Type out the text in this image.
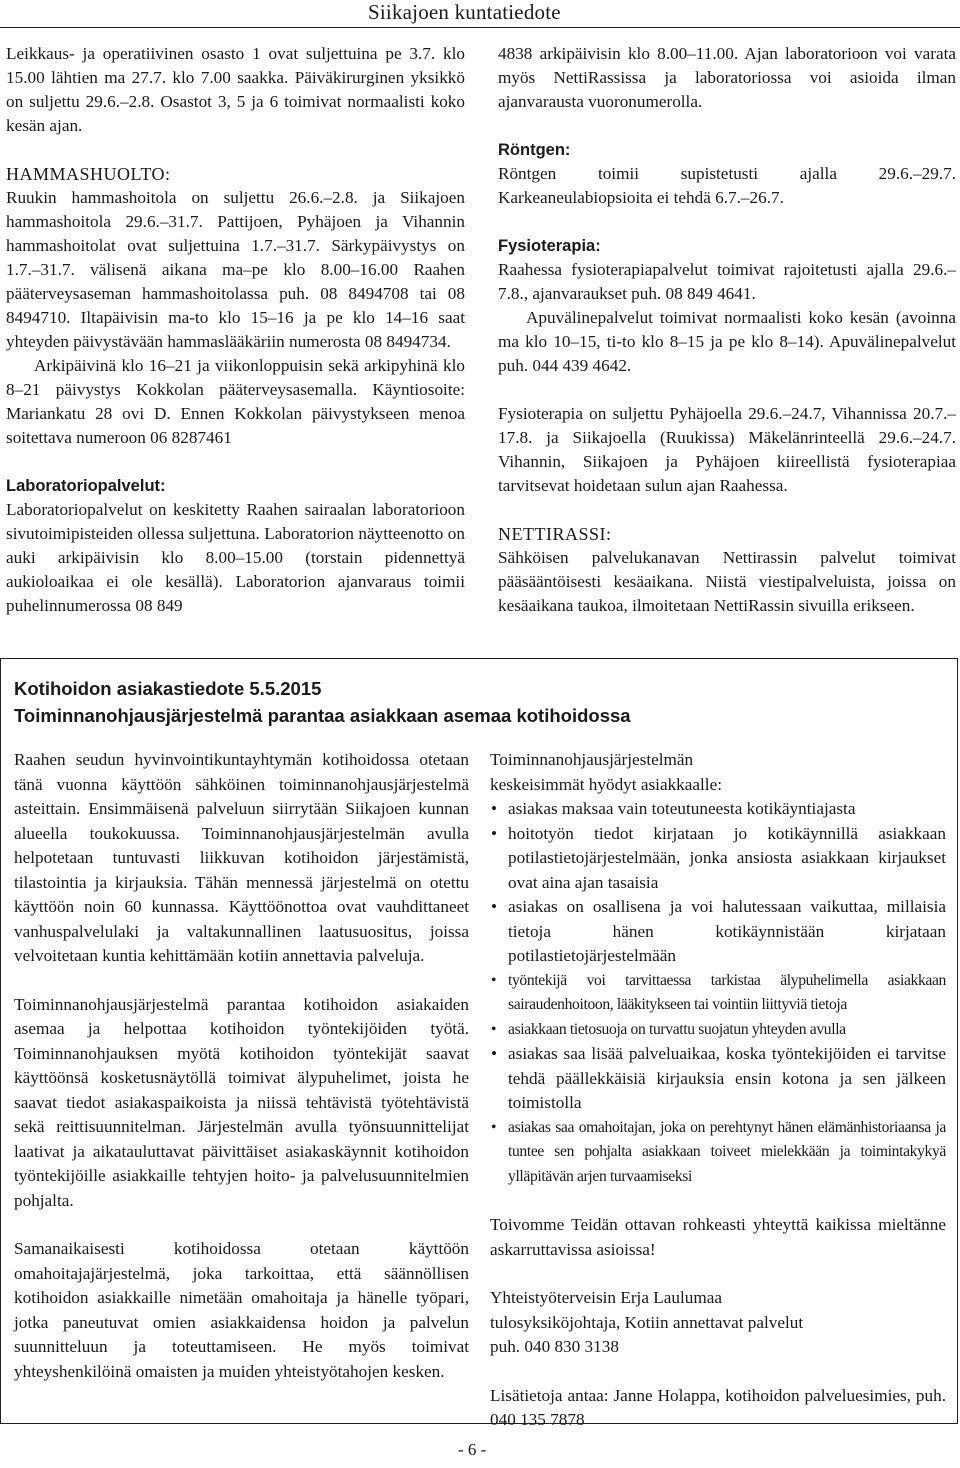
Siikajoen kuntatiedote

Leikkaus- ja operatiivinen osasto 1 ovat suljettuina pe 3.7. klo 15.00 lähtien ma 27.7. klo 7.00 saakka. Päiväkirurginen yksikkö on suljettu 29.6.–2.8. Osastot 3, 5 ja 6 toimivat normaalisti koko kesän ajan.

HAMMASHUOLTO:

Ruukin hammashoitola on suljettu 26.6.–2.8. ja Siikajoen hammashoitola 29.6.–31.7. Pattijoen, Pyhäjoen ja Vihannin hammashoitolat ovat suljettuina 1.7.–31.7. Särkypäivystys on 1.7.–31.7. välisenä aikana ma–pe klo 8.00–16.00 Raahen pääterveysaseman hammashoitolassa puh. 08 8494708 tai 08 8494710. Iltapäivisin ma-to klo 15–16 ja pe klo 14–16 saat yhteyden päivystävään hammaslääkäriin numerosta 08 8494734.

Arkipäivinä klo 16–21 ja viikonloppuisin sekä arkipyhinä klo 8–21 päivystys Kokkolan pääterveysasemalla. Käyntiosoite: Mariankatu 28 ovi D. Ennen Kokkolan päivystykseen menoa soitettava numeroon 06 8287461

Laboratoriopalvelut:

Laboratoriopalvelut on keskitetty Raahen sairaalan laboratorioon sivutoimipisteiden ollessa suljettuna. Laboratorion näytteenotto on auki arkipäivisin klo 8.00–15.00 (torstain pidennettyä aukioloaikaa ei ole kesällä). Laboratorion ajanvaraus toimii puhelinnumerossa 08 849

4838 arkipäivisin klo 8.00–11.00. Ajan laboratorioon voi varata myös NettiRassissa ja laboratoriossa voi asioida ilman ajanvarausta vuoronumerolla.

Röntgen:

Röntgen toimii supistetusti ajalla 29.6.–29.7. Karkeaneulabiopsioita ei tehdä 6.7.–26.7.

Fysioterapia:

Raahessa fysioterapiapalvelut toimivat rajoitetusti ajalla 29.6.–7.8., ajanvaraukset puh. 08 849 4641.

Apuvälinepalvelut toimivat normaalisti koko kesän (avoinna ma klo 10–15, ti-to klo 8–15 ja pe klo 8–14). Apuvälinepalvelut puh. 044 439 4642.

Fysioterapia on suljettu Pyhäjoella 29.6.–24.7, Vihannissa 20.7.–17.8. ja Siikajoella (Ruukissa) Mäkelänrinteellä 29.6.–24.7. Vihannin, Siikajoen ja Pyhäjoen kiireellistä fysioterapiaa tarvitsevat hoidetaan sulun ajan Raahessa.

NETTIRASSI:

Sähköisen palvelukanavan Nettirassin palvelut toimivat pääsääntöisesti kesäaikana. Niistä viestipalveluista, joissa on kesäaikana taukoa, ilmoitetaan NettiRassin sivuilla erikseen.

Kotihoidon asiakastiedote 5.5.2015
Toiminnanohjausjärjestelmä parantaa asiakkaan asemaa kotihoidossa

Raahen seudun hyvinvointikuntayhtymän kotihoidossa otetaan tänä vuonna käyttöön sähköinen toiminnanohjausjärjestelmä asteittain. Ensimmäisenä palveluun siirrytään Siikajoen kunnan alueella toukokuussa. Toiminnanohjausjärjestelmän avulla helpotetaan tuntuvasti liikkuvan kotihoidon järjestämistä, tilastointia ja kirjauksia. Tähän mennessä järjestelmä on otettu käyttöön noin 60 kunnassa. Käyttöönottoa ovat vauhdittaneet vanhuspalvelulaki ja valtakunnallinen laatusuositus, joissa velvoitetaan kuntia kehittämään kotiin annettavia palveluja.

Toiminnanohjausjärjestelmä parantaa kotihoidon asiakaiden asemaa ja helpottaa kotihoidon työntekijöiden työtä. Toiminnanohjauksen myötä kotihoidon työntekijät saavat käyttöönsä kosketusnäytöllä toimivat älypuhelimet, joista he saavat tiedot asiakaspaikoista ja niissä tehtävistä työtehtävistä sekä reittisuunnitelman. Järjestelmän avulla työnsuunnittelijat laativat ja aikatauluttavat päivittäiset asiakaskäynnit kotihoidon työntekijöille asiakkaille tehtyjen hoito- ja palvelusuunnitelmien pohjalta.

Samanaikaisesti kotihoidossa otetaan käyttöön omahoitajajärjestelmä, joka tarkoittaa, että säännöllisen kotihoidon asiakkaille nimetään omahoitaja ja hänelle työpari, jotka paneutuvat omien asiakkaidensa hoidon ja palvelun suunnitteluun ja toteuttamiseen. He myös toimivat yhteyshenkilöinä omaisten ja muiden yhteistyötahojen kesken.

Toiminnanohjausjärjestelmän

keskeisimmät hyödyt asiakkaalle:

• asiakas maksaa vain toteutuneesta kotikäyntiajasta
• hoitotyön tiedot kirjataan jo kotikäynnillä asiakkaan potilastietojärjestelmään, jonka ansiosta asiakkaan kirjaukset ovat aina ajan tasaisia
• asiakas on osallisena ja voi halutessaan vaikuttaa, millaisia tietoja hänen kotikäynnistään kirjataan potilastietojärjestelmään
• työntekijä voi tarvittaessa tarkistaa älypuhelimella asiakkaan sairaudenhoitoon, lääkitykseen tai vointiin liittyviä tietoja
• asiakkaan tietosuoja on turvattu suojatun yhteyden avulla
• asiakas saa lisää palveluaikaa, koska työntekijöiden ei tarvitse tehdä päällekkäisiä kirjauksia ensin kotona ja sen jälkeen toimistolla
• asiakas saa omahoitajan, joka on perehtynyt hänen elämänhistoriaansa ja tuntee sen pohjalta asiakkaan toiveet mielekkään ja toimintakykyä ylläpitävän arjen turvaamiseksi

Toivomme Teidän ottavan rohkeasti yhteyttä kaikissa mieltänne askarruttavissa asioissa!

Yhteistyöterveisin Erja Laulumaa

tulosyksiköjohtaja, Kotiin annettavat palvelut

puh. 040 830 3138

Lisätietoja antaa: Janne Holappa, kotihoidon palveluesimies, puh. 040 135 7878

- 6 -
